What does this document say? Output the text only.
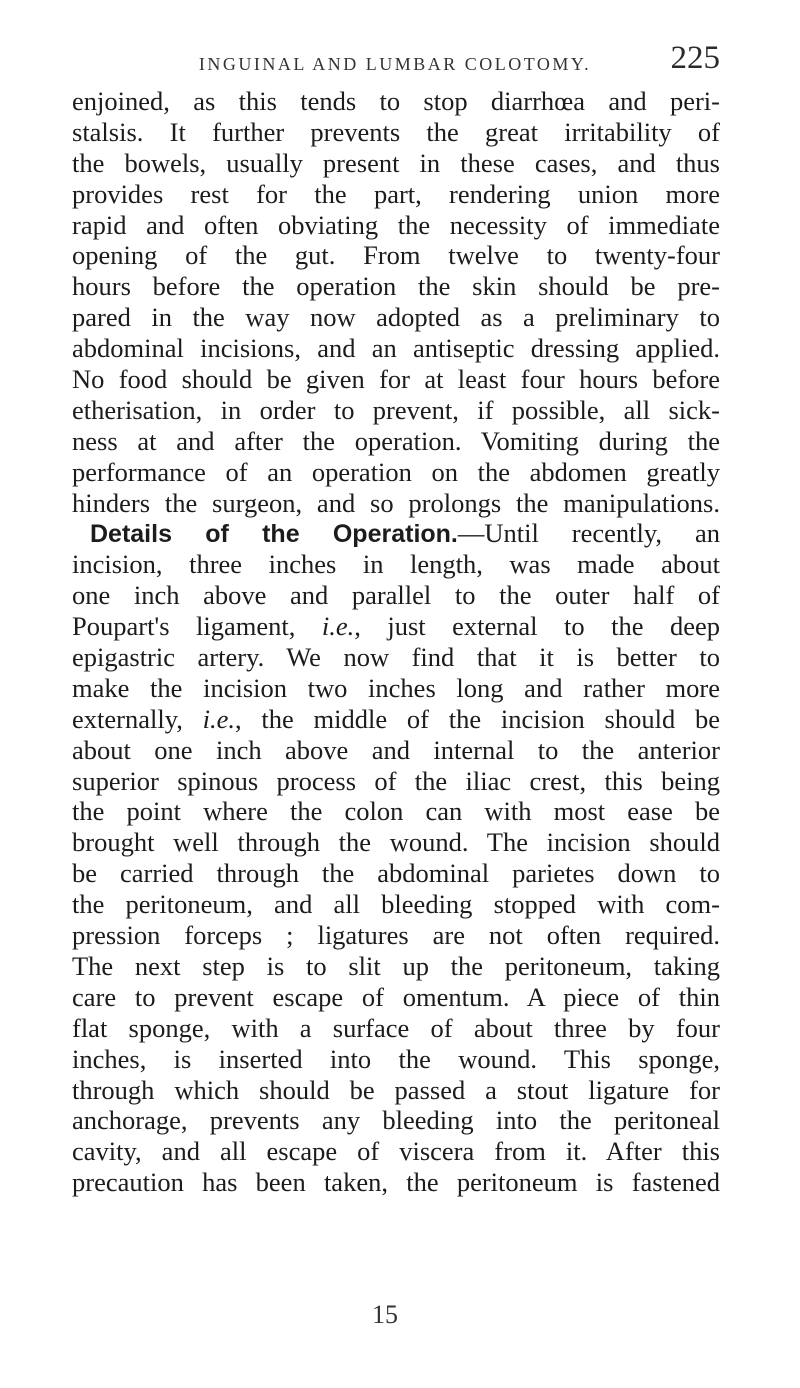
INGUINAL AND LUMBAR COLOTOMY.	225
enjoined, as this tends to stop diarrhœa and peri-
stalsis. It further prevents the great irritability of
the bowels, usually present in these cases, and thus
provides rest for the part, rendering union more
rapid and often obviating the necessity of immediate
opening of the gut. From twelve to twenty-four
hours before the operation the skin should be pre-
pared in the way now adopted as a preliminary to
abdominal incisions, and an antiseptic dressing applied.
No food should be given for at least four hours before
etherisation, in order to prevent, if possible, all sick-
ness at and after the operation. Vomiting during the
performance of an operation on the abdomen greatly
hinders the surgeon, and so prolongs the manipulations.
Details of the Operation.—Until recently, an
incision, three inches in length, was made about
one inch above and parallel to the outer half of
Poupart's ligament, i.e., just external to the deep
epigastric artery. We now find that it is better to
make the incision two inches long and rather more
externally, i.e., the middle of the incision should be
about one inch above and internal to the anterior
superior spinous process of the iliac crest, this being
the point where the colon can with most ease be
brought well through the wound. The incision should
be carried through the abdominal parietes down to
the peritoneum, and all bleeding stopped with com-
pression forceps ; ligatures are not often required.
The next step is to slit up the peritoneum, taking
care to prevent escape of omentum. A piece of thin
flat sponge, with a surface of about three by four
inches, is inserted into the wound. This sponge,
through which should be passed a stout ligature for
anchorage, prevents any bleeding into the peritoneal
cavity, and all escape of viscera from it. After this
precaution has been taken, the peritoneum is fastened
15
